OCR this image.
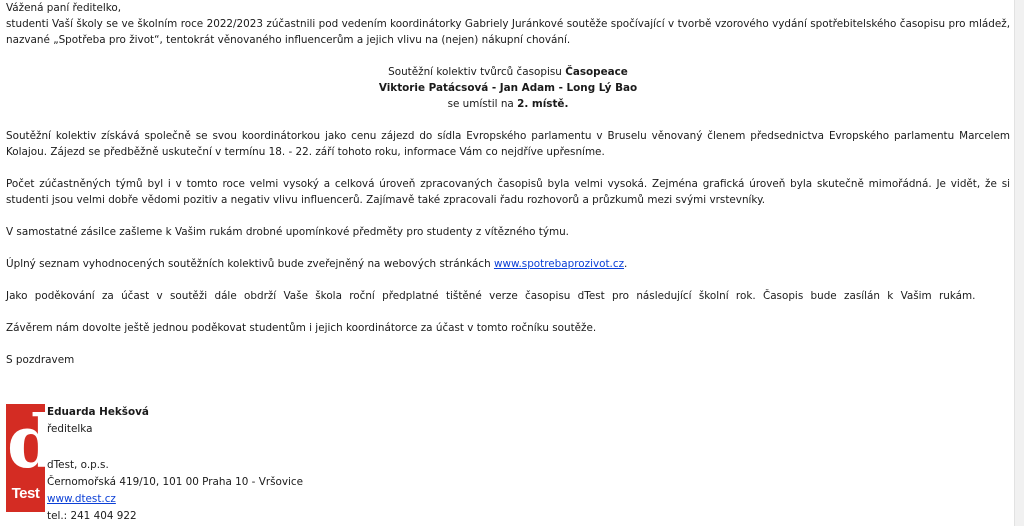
Vážená paní ředitelko,

studenti Vaší školy se ve školním roce 2022/2023 zúčastnili pod vedením koordinátorky Gabriely Juránkové soutěže spočívající v tvorbě vzorového vydání spotřebitelského časopisu pro mládež, nazvané „Spotřeba pro život“, tentokrát věnovaného influencerům a jejich vlivu na (nejen) nákupní chování.

Soutěžní kolektiv tvůrců časopisu Časopeace

Viktorie Patácsová - Jan Adam - Long Lý Bao

se umístil na 2. místě.

Soutěžní kolektiv získává společně se svou koordinátorkou jako cenu zájezd do sídla Evropského parlamentu v Bruselu věnovaný členem předsednictva Evropského parlamentu Marcelem Kolajou. Zájezd se předběžně uskuteční v termínu 18. - 22. září tohoto roku, informace Vám co nejdříve upřesníme.

Počet zúčastněných týmů byl i v tomto roce velmi vysoký a celková úroveň zpracovaných časopisů byla velmi vysoká. Zejména grafická úroveň byla skutečně mimořádná. Je vidět, že si studenti jsou velmi dobře vědomi pozitiv a negativ vlivu influencerů. Zajímavě také zpracovali řadu rozhovorů a průzkumů mezi svými vrstevníky.

V samostatné zásilce zašleme k Vašim rukám drobné upomínkové předměty pro studenty z vítězného týmu.

Úplný seznam vyhodnocených soutěžních kolektivů bude zveřejněný na webových stránkách www.spotrebaprozivot.cz.

Jako poděkování za účast v soutěži dále obdrží Vaše škola roční předplatné tištěné verze časopisu dTest pro následující školní rok. Časopis bude zasílán k Vašim rukám.

Závěrem nám dovolte ještě jednou poděkovat studentům i jejich koordinátorce za účast v tomto ročníku soutěže.

S pozdravem

d
Test

Eduarda Hekšová

ředitelka

dTest, o.p.s.

Černomořská 419/10, 101 00 Praha 10 - Vršovice

www.dtest.cz

tel.: 241 404 922
